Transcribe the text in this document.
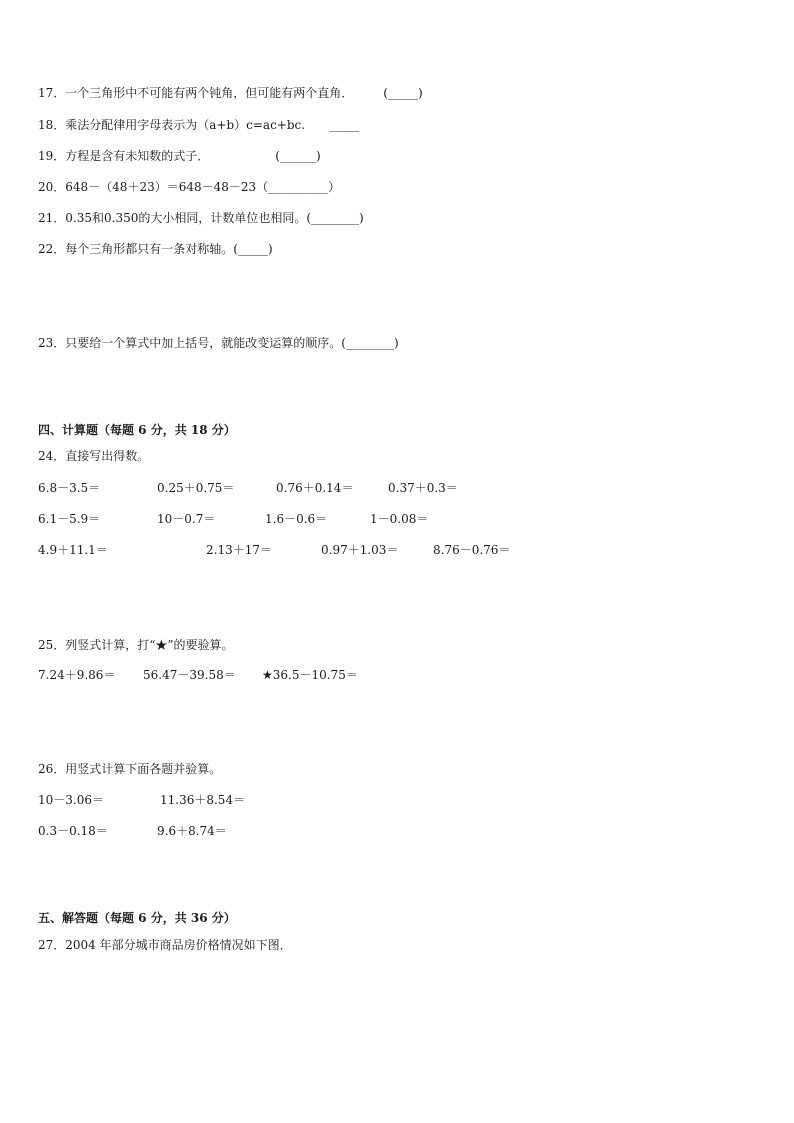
17．一个三角形中不可能有两个钝角，但可能有两个直角．　　　(_____)
18．乘法分配律用字母表示为（a+b）c=ac+bc.　　_____
19．方程是含有未知数的式子．　　　　　　(______)
20．648－（48＋23）＝648－48－23（__________）
21．0.35和0.350的大小相同，计数单位也相同。(________)
22．每个三角形都只有一条对称轴。(_____)
23．只要给一个算式中加上括号，就能改变运算的顺序。(________)
四、计算题（每题 6 分，共 18 分）
24．直接写出得数。
6.8－3.5＝	0.25＋0.75＝	0.76＋0.14＝	0.37＋0.3＝
6.1－5.9＝	10－0.7＝	1.6－0.6＝	1－0.08＝
4.9＋11.1＝	2.13＋17＝	0.97＋1.03＝	8.76－0.76＝
25．列竖式计算，打“★”的要验算。
7.24＋9.86＝ 56.47－39.58＝ ★36.5－10.75＝
26．用竖式计算下面各题并验算。
10－3.06＝	11.36＋8.54＝
0.3－0.18＝	9.6＋8.74＝
五、解答题（每题 6 分，共 36 分）
27．2004 年部分城市商品房价格情况如下图．
